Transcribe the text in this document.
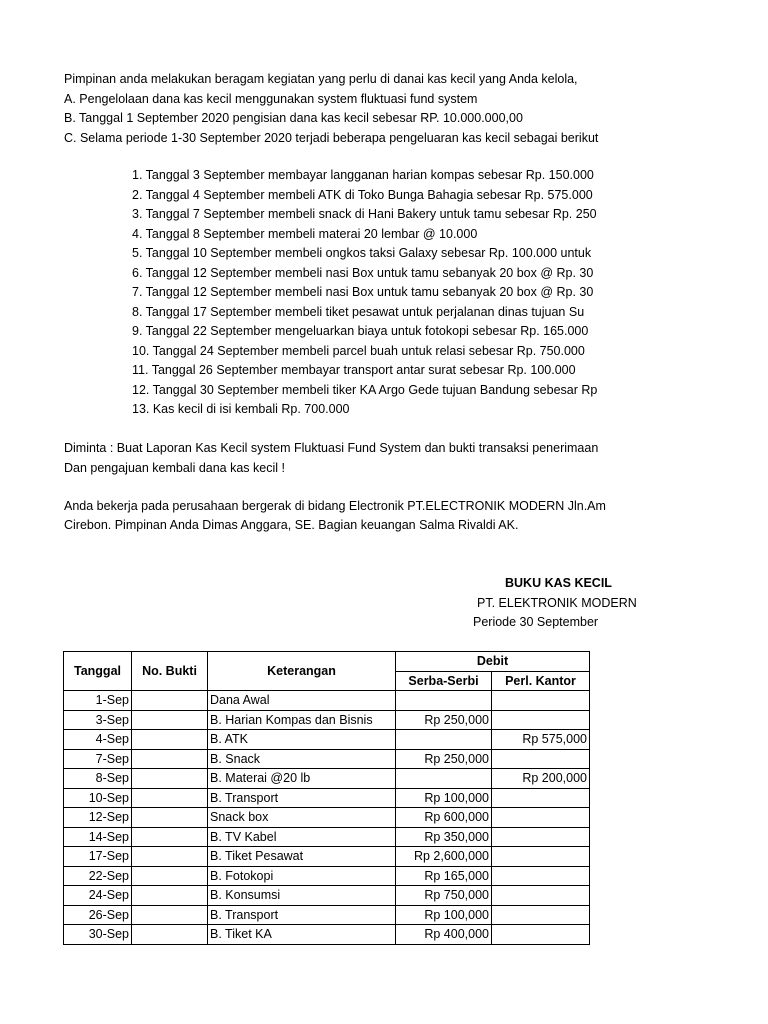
Pimpinan anda melakukan beragam kegiatan yang perlu di danai kas kecil yang Anda kelola,
A. Pengelolaan dana kas kecil menggunakan system fluktuasi fund system
B. Tanggal 1 September 2020 pengisian dana kas kecil sebesar RP. 10.000.000,00
C. Selama periode 1-30 September 2020 terjadi beberapa pengeluaran kas kecil sebagai berikut
1. Tanggal 3 September membayar langganan harian kompas sebesar Rp. 150.000
2. Tanggal 4 September membeli ATK di Toko Bunga Bahagia sebesar Rp. 575.000
3. Tanggal 7 September membeli snack di Hani Bakery untuk tamu sebesar Rp. 250
4. Tanggal 8 September membeli materai 20 lembar @ 10.000
5. Tanggal 10 September membeli ongkos taksi Galaxy sebesar Rp. 100.000 untuk
6. Tanggal 12 September membeli nasi Box untuk tamu sebanyak 20 box @ Rp. 30
7. Tanggal 12 September membeli nasi Box untuk tamu sebanyak 20 box @ Rp. 30
8. Tanggal 17 September membeli tiket pesawat untuk perjalanan dinas tujuan Su
9. Tanggal 22 September mengeluarkan biaya untuk fotokopi sebesar Rp. 165.000
10. Tanggal 24 September membeli parcel buah untuk relasi sebesar Rp. 750.000
11. Tanggal 26 September membayar transport antar surat sebesar Rp. 100.000
12. Tanggal 30 September membeli tiker KA Argo Gede tujuan Bandung sebesar Rp
13. Kas kecil di isi kembali Rp. 700.000
Diminta : Buat Laporan Kas Kecil system Fluktuasi Fund System dan bukti transaksi penerimaan
Dan pengajuan kembali dana kas kecil !
Anda bekerja pada perusahaan bergerak di bidang Electronik PT.ELECTRONIK MODERN Jln.Am
Cirebon. Pimpinan Anda Dimas Anggara, SE. Bagian keuangan Salma Rivaldi AK.
BUKU KAS KECIL
PT. ELEKTRONIK MODERN
Periode 30 September
Tanggal	No. Bukti	Keterangan	Debit	
			Serba-Serbi	Perl. Kantor
1-Sep		Dana Awal		
3-Sep		B. Harian Kompas dan Bisnis	Rp 250,000	
4-Sep		B. ATK		Rp 575,000
7-Sep		B. Snack	Rp 250,000	
8-Sep		B. Materai @20 lb		Rp 200,000
10-Sep		B. Transport	Rp 100,000	
12-Sep		Snack box	Rp 600,000	
14-Sep		B. TV Kabel	Rp 350,000	
17-Sep		B. Tiket Pesawat	Rp 2,600,000	
22-Sep		B. Fotokopi	Rp 165,000	
24-Sep		B. Konsumsi	Rp 750,000	
26-Sep		B. Transport	Rp 100,000	
30-Sep		B. Tiket KA	Rp 400,000	
